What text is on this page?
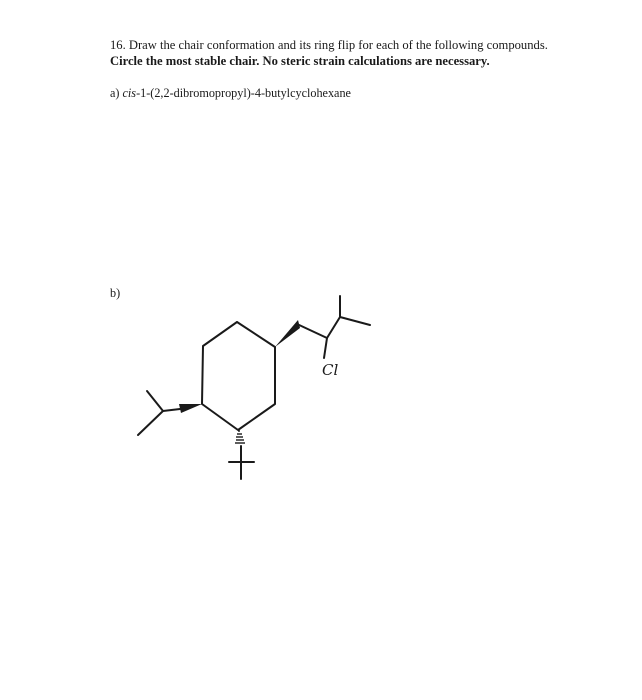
16. Draw the chair conformation and its ring flip for each of the following compounds.
Circle the most stable chair. No steric strain calculations are necessary.
a) cis-1-(2,2-dibromopropyl)-4-butylcyclohexane
b)
Cl
